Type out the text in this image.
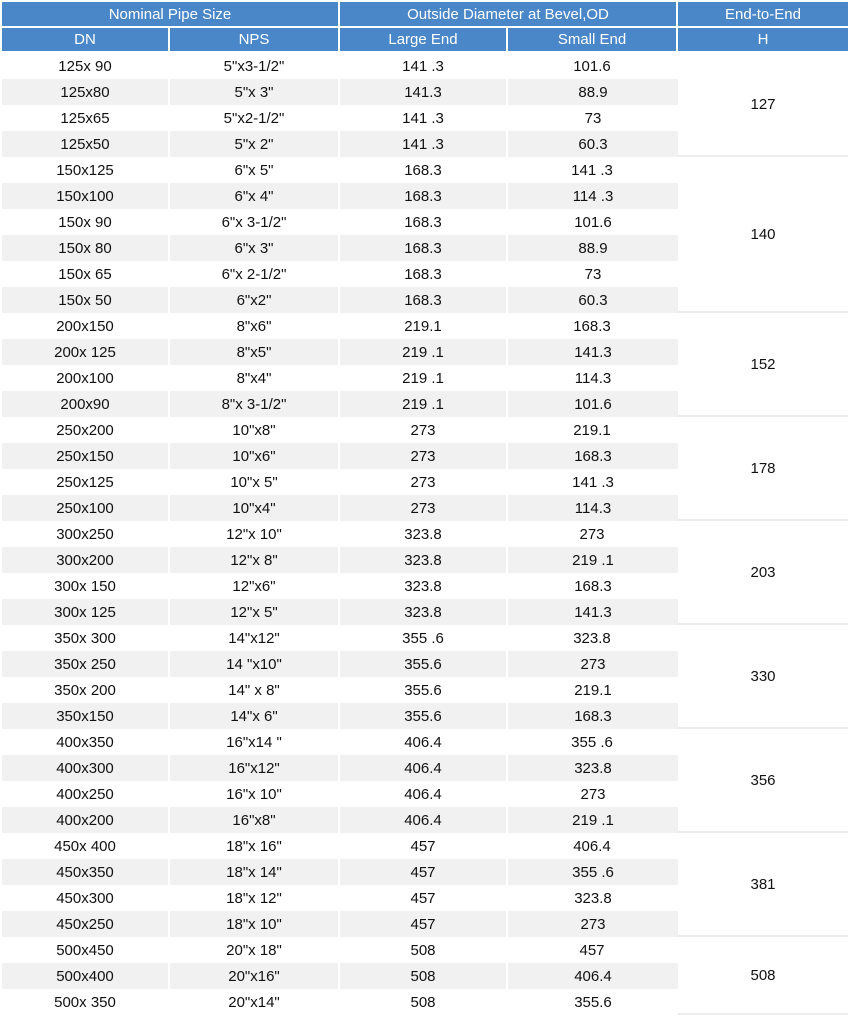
Nominal Pipe Size		Outside Diameter at Bevel,OD		End-to-End
DN	NPS	Large End	Small End	H
125x 90	5"x3-1/2"	141 .3	101.6	127
125x80	5"x 3"	141.3	88.9	
125x65	5"x2-1/2"	141 .3	73	
125x50	5"x 2"	141 .3	60.3	
150x125	6"x 5"	168.3	141 .3	140
150x100	6"x 4"	168.3	114 .3	
150x 90	6"x 3-1/2"	168.3	101.6	
150x 80	6"x 3"	168.3	88.9	
150x 65	6"x 2-1/2"	168.3	73	
150x 50	6"x2"	168.3	60.3	
200x150	8"x6"	219.1	168.3	152
200x 125	8"x5"	219 .1	141.3	
200x100	8"x4"	219 .1	114.3	
200x90	8"x 3-1/2"	219 .1	101.6	
250x200	10"x8"	273	219.1	178
250x150	10"x6"	273	168.3	
250x125	10"x 5"	273	141 .3	
250x100	10"x4"	273	114.3	
300x250	12"x 10"	323.8	273	203
300x200	12"x 8"	323.8	219 .1	
300x 150	12"x6"	323.8	168.3	
300x 125	12"x 5"	323.8	141.3	
350x 300	14"x12"	355 .6	323.8	330
350x 250	14 "x10"	355.6	273	
350x 200	14" x 8"	355.6	219.1	
350x150	14"x 6"	355.6	168.3	
400x350	16"x14 "	406.4	355 .6	356
400x300	16"x12"	406.4	323.8	
400x250	16"x 10"	406.4	273	
400x200	16"x8"	406.4	219 .1	
450x 400	18"x 16"	457	406.4	381
450x350	18"x 14"	457	355 .6	
450x300	18"x 12"	457	323.8	
450x250	18"x 10"	457	273	
500x450	20"x 18"	508	457	508
500x400	20"x16"	508	406.4	
500x 350	20"x14"	508	355.6	
